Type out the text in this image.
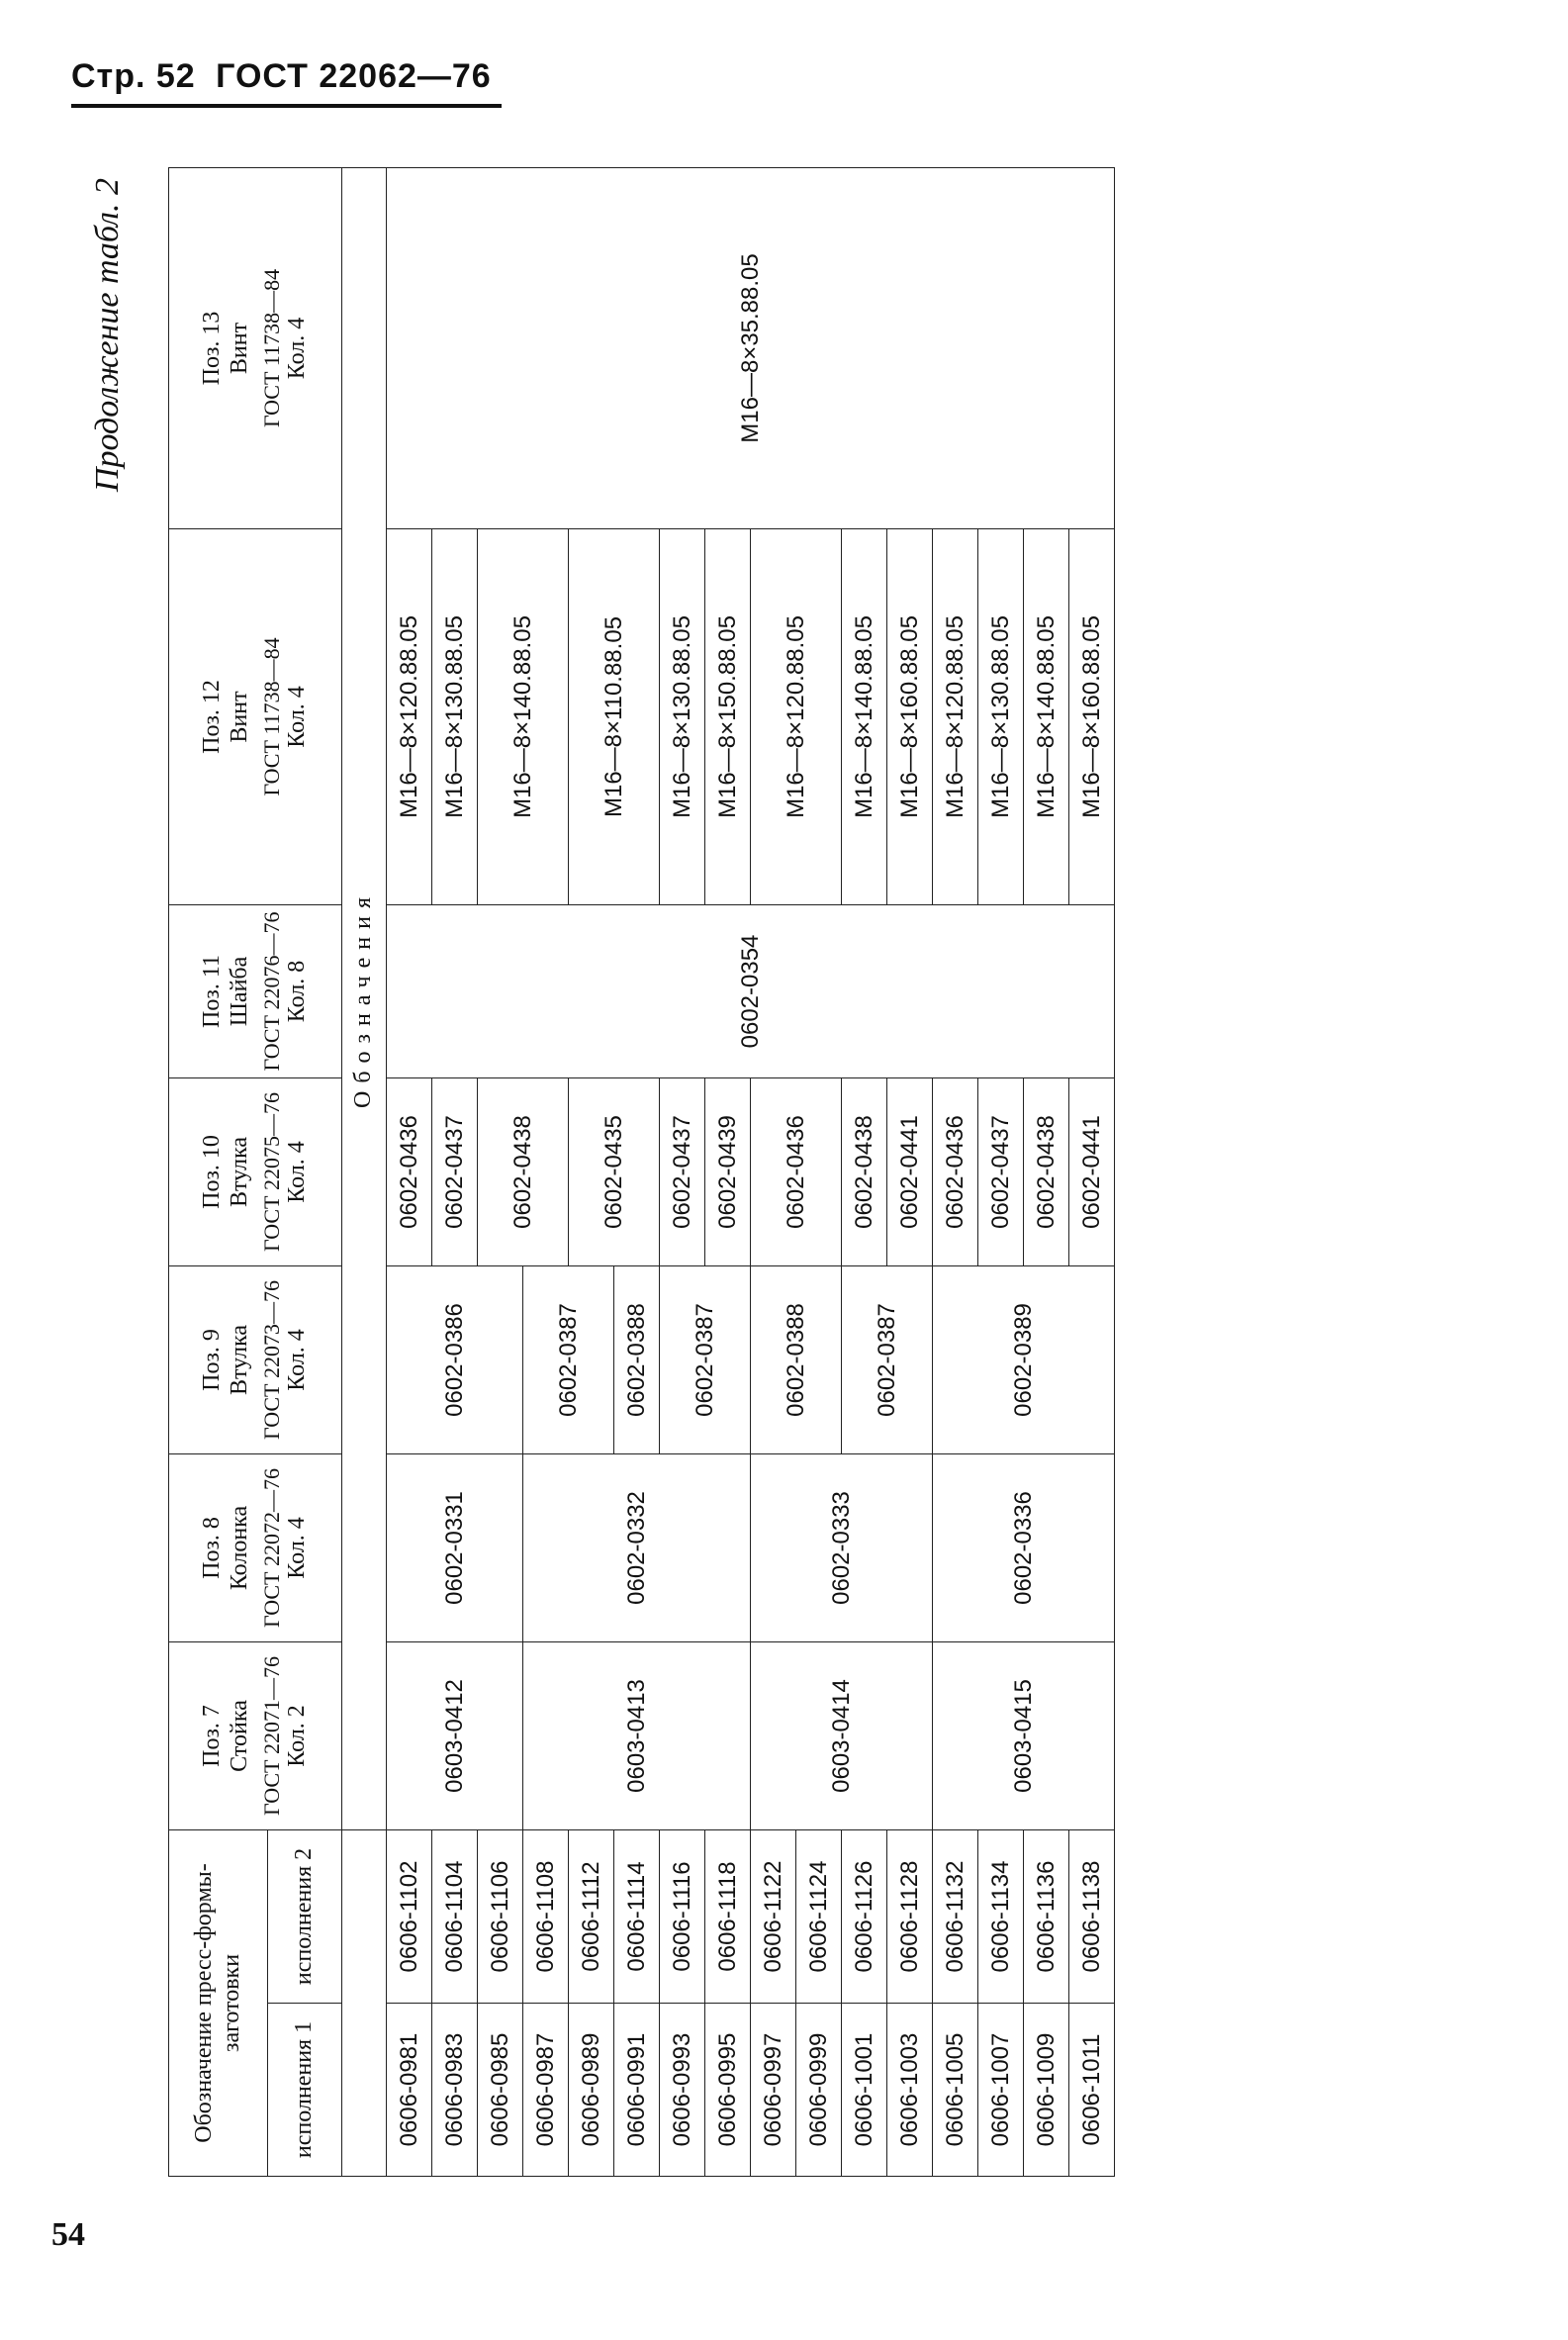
Стр. 52 ГОСТ 22062—76
54
Продолжение табл. 2
Обозначение пресс-формы-заготовки		Поз. 7 Стойка ГОСТ 22071—76 Кол. 2	Поз. 8 Колонка ГОСТ 22072—76 Кол. 4	Поз. 9 Втулка ГОСТ 22073—76 Кол. 4	Поз. 10 Втулка ГОСТ 22075—76 Кол. 4	Поз. 11 Шайба ГОСТ 22076—76 Кол. 8	Поз. 12 Винт ГОСТ 11738—84 Кол. 4	Поз. 13 Винт ГОСТ 11738—84 Кол. 4

исполнения 1	исполнения 2							
		Обозначения						
0606-0981	0606-1102	0603-0412	0602-0331	0602-0386	0602-0436	0602-0354	М16—8×120.88.05	М16—8×35.88.05
0606-0983	0606-1104				0602-0437		М16—8×130.88.05	
0606-0985	0606-1106				0602-0438		М16—8×140.88.05	
0606-0987	0606-1108	0603-0413	0602-0332	0602-0387				
0606-0989	0606-1112				0602-0435		М16—8×110.88.05	
0606-0991	0606-1114			0602-0388				
0606-0993	0606-1116			0602-0387	0602-0437		М16—8×130.88.05	
0606-0995	0606-1118				0602-0439		М16—8×150.88.05	
0606-0997	0606-1122	0603-0414	0602-0333	0602-0388	0602-0436		М16—8×120.88.05	
0606-0999	0606-1124							
0606-1001	0606-1126			0602-0387	0602-0438		М16—8×140.88.05	
0606-1003	0606-1128				0602-0441		М16—8×160.88.05	
0606-1005	0606-1132	0603-0415	0602-0336	0602-0389	0602-0436		М16—8×120.88.05	
0606-1007	0606-1134				0602-0437		М16—8×130.88.05	
0606-1009	0606-1136				0602-0438		М16—8×140.88.05	
0606-1011	0606-1138				0602-0441		М16—8×160.88.05	
